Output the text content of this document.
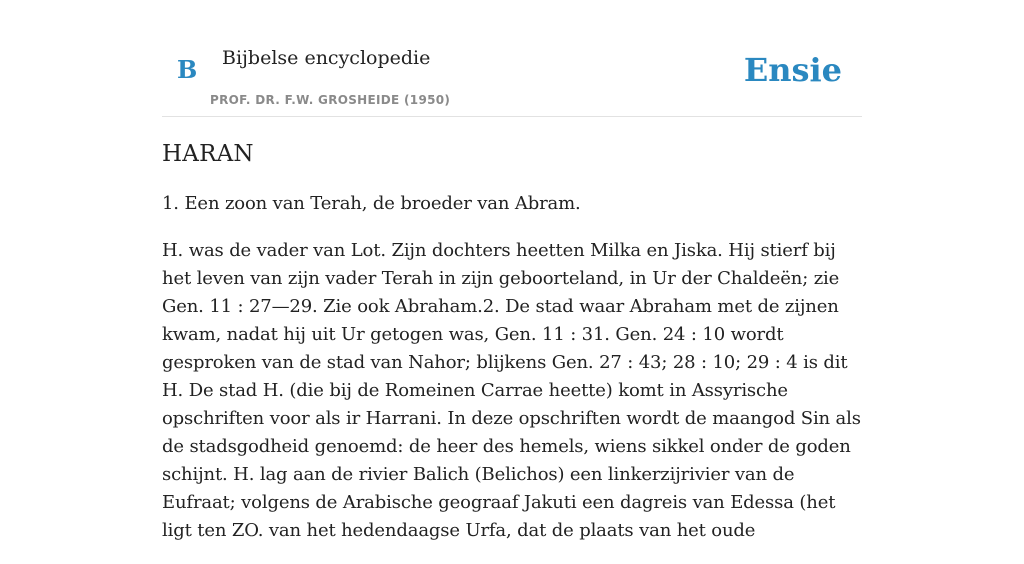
B Bijbelse encyclopedie
PROF. DR. F.W. GROSHEIDE (1950)
Ensie
HARAN

1. Een zoon van Terah, de broeder van Abram.

H. was de vader van Lot. Zijn dochters heetten Milka en Jiska. Hij stierf bij het leven van zijn vader Terah in zijn geboorteland, in Ur der Chaldeën; zie Gen. 11 : 27—29. Zie ook Abraham.2. De stad waar Abraham met de zijnen kwam, nadat hij uit Ur getogen was, Gen. 11 : 31. Gen. 24 : 10 wordt gesproken van de stad van Nahor; blijkens Gen. 27 : 43; 28 : 10; 29 : 4 is dit H. De stad H. (die bij de Romeinen Carrae heette) komt in Assyrische opschriften voor als ir Harrani. In deze opschriften wordt de maangod Sin als de stadsgodheid genoemd: de heer des hemels, wiens sikkel onder de goden schijnt. H. lag aan de rivier Balich (Belichos) een linkerzijrivier van de Eufraat; volgens de Arabische geograaf Jakuti een dagreis van Edessa (het ligt ten ZO. van het hedendaagse Urfa, dat de plaats van het oude
